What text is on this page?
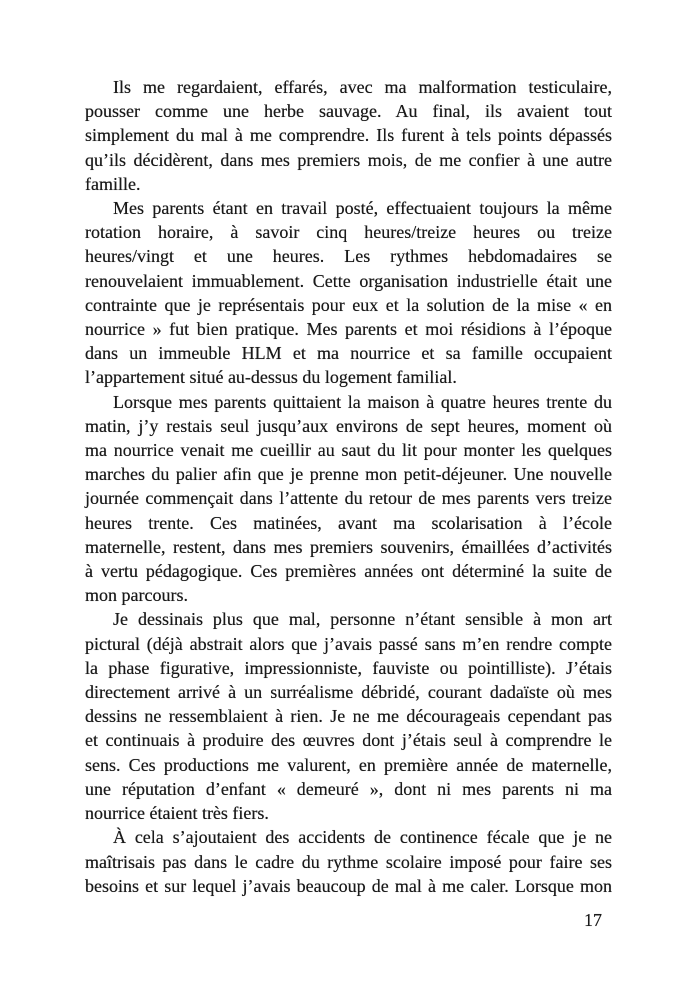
Ils me regardaient, effarés, avec ma malformation testiculaire,
pousser comme une herbe sauvage. Au final, ils avaient tout
simplement du mal à me comprendre. Ils furent à tels points dépassés
qu’ils décidèrent, dans mes premiers mois, de me confier à une autre
famille.
Mes parents étant en travail posté, effectuaient toujours la même
rotation horaire, à savoir cinq heures/treize heures ou treize
heures/vingt et une heures. Les rythmes hebdomadaires se
renouvelaient immuablement. Cette organisation industrielle était une
contrainte que je représentais pour eux et la solution de la mise « en
nourrice » fut bien pratique. Mes parents et moi résidions à l’époque
dans un immeuble HLM et ma nourrice et sa famille occupaient
l’appartement situé au-dessus du logement familial.
Lorsque mes parents quittaient la maison à quatre heures trente du
matin, j’y restais seul jusqu’aux environs de sept heures, moment où
ma nourrice venait me cueillir au saut du lit pour monter les quelques
marches du palier afin que je prenne mon petit-déjeuner. Une nouvelle
journée commençait dans l’attente du retour de mes parents vers treize
heures trente. Ces matinées, avant ma scolarisation à l’école
maternelle, restent, dans mes premiers souvenirs, émaillées d’activités
à vertu pédagogique. Ces premières années ont déterminé la suite de
mon parcours.
Je dessinais plus que mal, personne n’étant sensible à mon art
pictural (déjà abstrait alors que j’avais passé sans m’en rendre compte
la phase figurative, impressionniste, fauviste ou pointilliste). J’étais
directement arrivé à un surréalisme débridé, courant dadaïste où mes
dessins ne ressemblaient à rien. Je ne me décourageais cependant pas
et continuais à produire des œuvres dont j’étais seul à comprendre le
sens. Ces productions me valurent, en première année de maternelle,
une réputation d’enfant « demeuré », dont ni mes parents ni ma
nourrice étaient très fiers.
À cela s’ajoutaient des accidents de continence fécale que je ne
maîtrisais pas dans le cadre du rythme scolaire imposé pour faire ses
besoins et sur lequel j’avais beaucoup de mal à me caler. Lorsque mon
17
